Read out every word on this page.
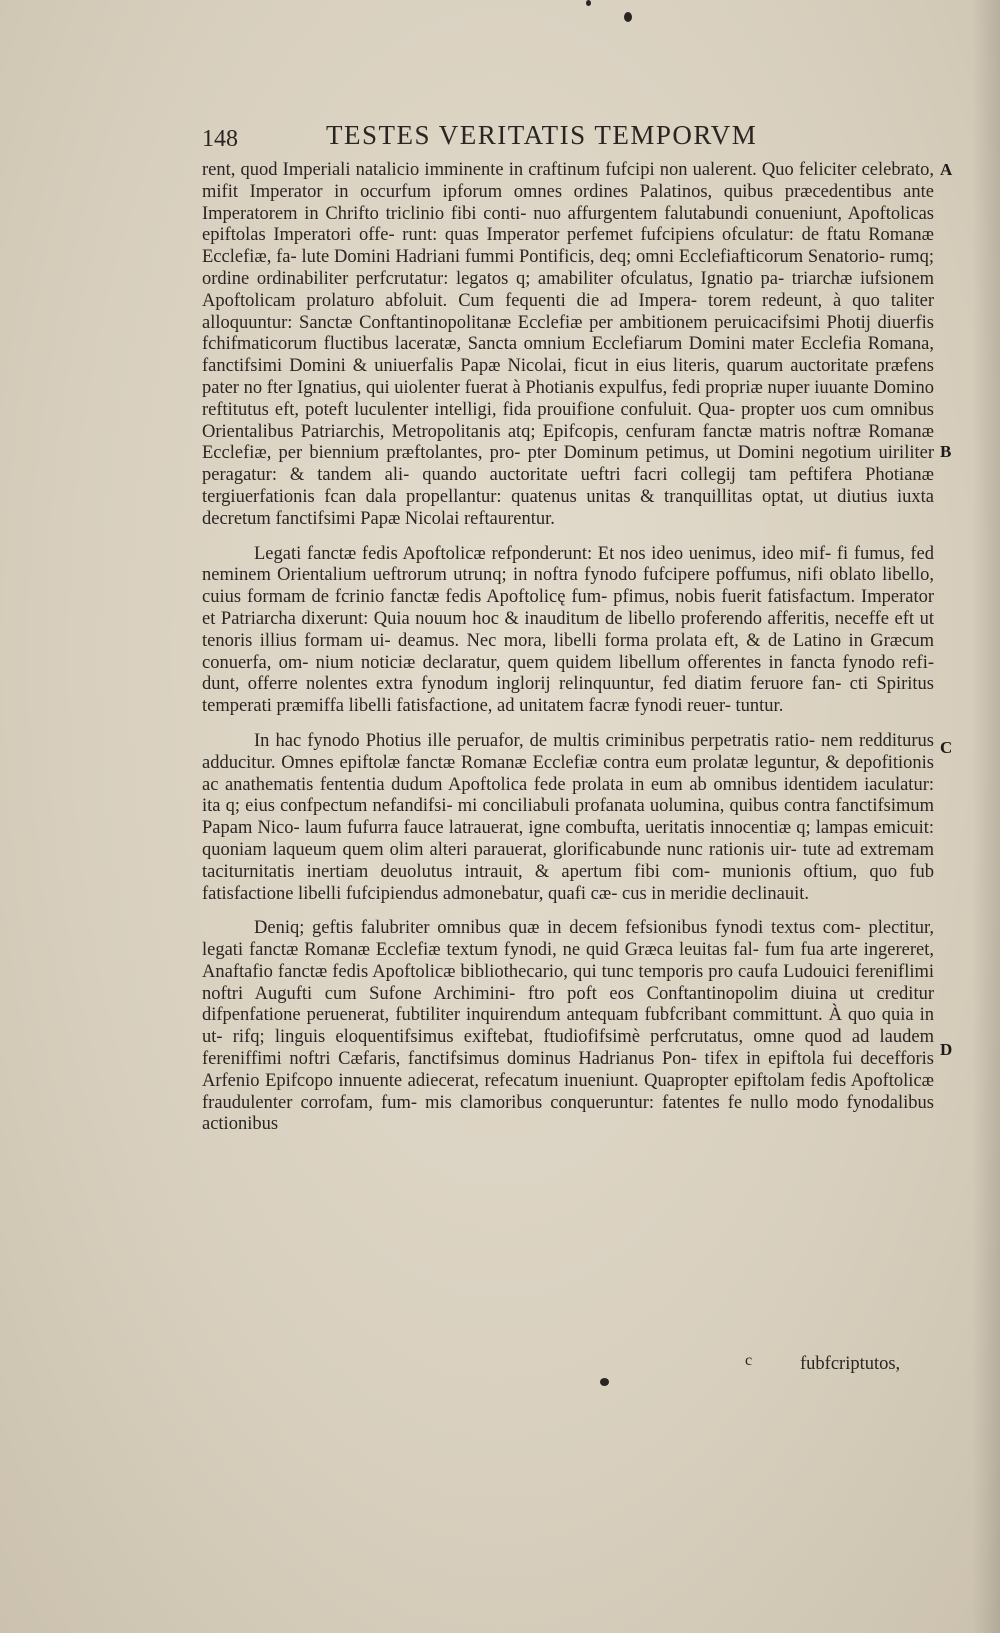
148	TESTES VERITATIS TEMPORVM

rent, quod Imperiali natalicio imminente in craftinum fufcipi non ualerent. Quo feliciter celebrato, mifit Imperator in occurfum ipforum omnes ordines Palatinos, quibus præcedentibus ante Imperatorem in Chrifto triclinio fibi conti- nuo affurgentem falutabundi conueniunt, Apoftolicas epiftolas Imperatori offe- runt: quas Imperator perfemet fufcipiens ofculatur: de ftatu Romanæ Ecclefiæ, fa- lute Domini Hadriani fummi Pontificis, deq; omni Ecclefiafticorum Senatorio- rumq; ordine ordinabiliter perfcrutatur: legatos q; amabiliter ofculatus, Ignatio pa- triarchæ iufsionem Apoftolicam prolaturo abfoluit. Cum fequenti die ad Impera- torem redeunt, à quo taliter alloquuntur: Sanctæ Conftantinopolitanæ Ecclefiæ per ambitionem peruicacifsimi Photij diuerfis fchifmaticorum fluctibus laceratæ, Sancta omnium Ecclefiarum Domini mater Ecclefia Romana, fanctifsimi Domini & uniuerfalis Papæ Nicolai, ficut in eius literis, quarum auctoritate præfens pater no fter Ignatius, qui uiolenter fuerat à Photianis expulfus, fedi propriæ nuper iuuante Domino reftitutus eft, poteft luculenter intelligi, fida prouifione confuluit. Qua- propter uos cum omnibus Orientalibus Patriarchis, Metropolitanis atq; Epifcopis, cenfuram fanctæ matris noftræ Romanæ Ecclefiæ, per biennium præftolantes, pro- pter Dominum petimus, ut Domini negotium uiriliter peragatur: & tandem ali- quando auctoritate ueftri facri collegij tam peftifera Photianæ tergiuerfationis fcan dala propellantur: quatenus unitas & tranquillitas optat, ut diutius iuxta decretum fanctifsimi Papæ Nicolai reftaurentur.

Legati fanctæ fedis Apoftolicæ refponderunt: Et nos ideo uenimus, ideo mif- fi fumus, fed neminem Orientalium ueftrorum utrunq; in noftra fynodo fufcipere poffumus, nifi oblato libello, cuius formam de fcrinio fanctæ fedis Apoftolicę fum- pfimus, nobis fuerit fatisfactum. Imperator et Patriarcha dixerunt: Quia nouum hoc & inauditum de libello proferendo afferitis, neceffe eft ut tenoris illius formam ui- deamus. Nec mora, libelli forma prolata eft, & de Latino in Græcum conuerfa, om- nium noticiæ declaratur, quem quidem libellum offerentes in fancta fynodo refi- dunt, offerre nolentes extra fynodum inglorij relinquuntur, fed diatim feruore fan- cti Spiritus temperati præmiffa libelli fatisfactione, ad unitatem facræ fynodi reuer- tuntur.

In hac fynodo Photius ille peruafor, de multis criminibus perpetratis ratio- nem redditurus adducitur. Omnes epiftolæ fanctæ Romanæ Ecclefiæ contra eum prolatæ leguntur, & depofitionis ac anathematis fententia dudum Apoftolica fede prolata in eum ab omnibus identidem iaculatur: ita q; eius confpectum nefandifsi- mi conciliabuli profanata uolumina, quibus contra fanctifsimum Papam Nico- laum fufurra fauce latrauerat, igne combufta, ueritatis innocentiæ q; lampas emicuit: quoniam laqueum quem olim alteri parauerat, glorificabunde nunc rationis uir- tute ad extremam taciturnitatis inertiam deuolutus intrauit, & apertum fibi com- munionis oftium, quo fub fatisfactione libelli fufcipiendus admonebatur, quafi cæ- cus in meridie declinauit.

Deniq; geftis falubriter omnibus quæ in decem fefsionibus fynodi textus com- plectitur, legati fanctæ Romanæ Ecclefiæ textum fynodi, ne quid Græca leuitas fal- fum fua arte ingereret, Anaftafio fanctæ fedis Apoftolicæ bibliothecario, qui tunc temporis pro caufa Ludouici fereniflimi noftri Augufti cum Sufone Archimini- ftro poft eos Conftantinopolim diuina ut creditur difpenfatione peruenerat, fubtiliter inquirendum antequam fubfcribant committunt. À quo quia in ut- rifq; linguis eloquentifsimus exiftebat, ftudiofifsimè perfcrutatus, omne quod ad laudem fereniffimi noftri Cæfaris, fanctifsimus dominus Hadrianus Pon- tifex in epiftola fui decefforis Arfenio Epifcopo innuente adiecerat, refecatum inueniunt. Quapropter epiftolam fedis Apoftolicæ fraudulenter corrofam, fum- mis clamoribus conqueruntur: fatentes fe nullo modo fynodalibus actionibus

A
B
C
D
c	fubfcriptutos,
